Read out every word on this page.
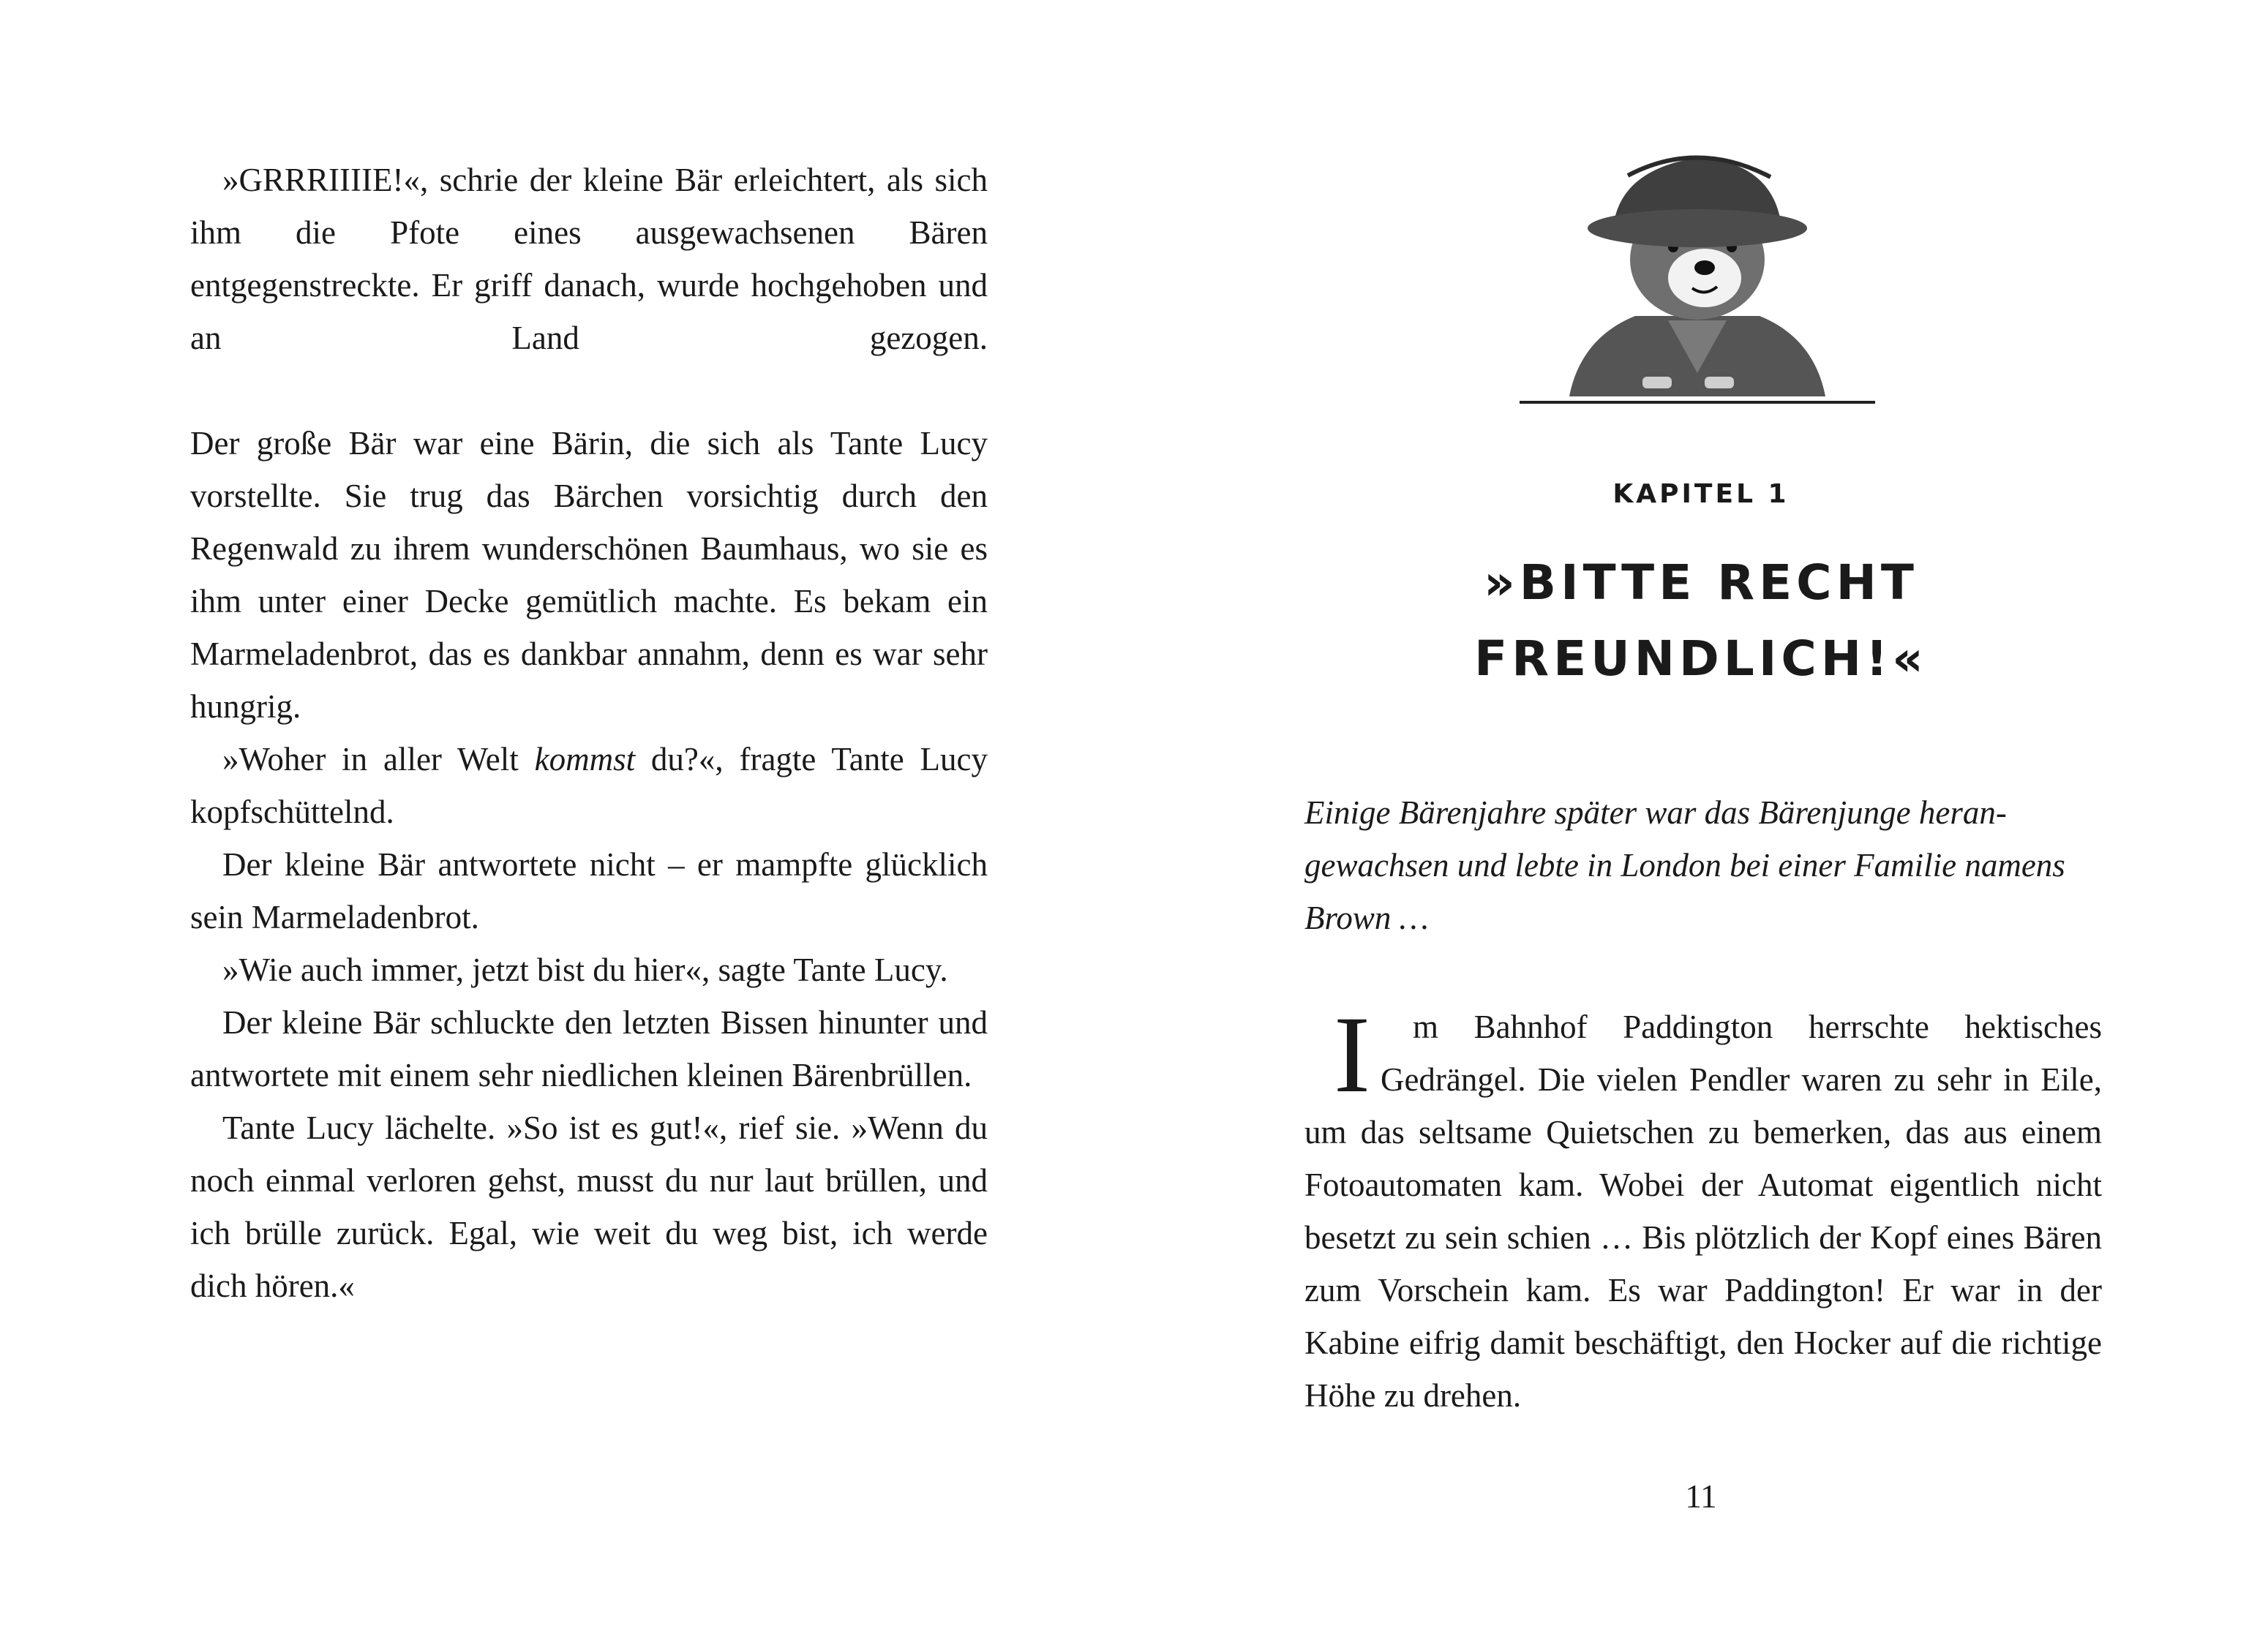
»GRRRIIIIE!«, schrie der kleine Bär erleichtert, als sich ihm die Pfote eines ausgewachsenen Bären entgegenstreckte. Er griff danach, wurde hochgehoben und an Land gezogen.

Der große Bär war eine Bärin, die sich als Tante Lucy vorstellte. Sie trug das Bärchen vorsichtig durch den Regenwald zu ihrem wunderschönen Baumhaus, wo sie es ihm unter einer Decke gemütlich machte. Es bekam ein Marmeladenbrot, das es dankbar annahm, denn es war sehr hungrig.

»Woher in aller Welt kommst du?«, fragte Tante Lucy kopfschüttelnd.

Der kleine Bär antwortete nicht – er mampfte glücklich sein Marmeladenbrot.

»Wie auch immer, jetzt bist du hier«, sagte Tante Lucy.

Der kleine Bär schluckte den letzten Bissen hinunter und antwortete mit einem sehr niedlichen kleinen Bärenbrüllen.

Tante Lucy lächelte. »So ist es gut!«, rief sie. »Wenn du noch einmal verloren gehst, musst du nur laut brüllen, und ich brülle zurück. Egal, wie weit du weg bist, ich werde dich hören.«

KAPITEL 1
»BITTE RECHT
FREUNDLICH!«
Einige Bärenjahre später war das Bärenjunge heran-
gewachsen und lebte in London bei einer Familie namens
Brown …

I m Bahnhof Paddington herrschte hektisches Gedrängel. Die vielen Pendler waren zu sehr in Eile, um das seltsame Quietschen zu bemerken, das aus einem Fotoautomaten kam. Wobei der Automat eigentlich nicht besetzt zu sein schien … Bis plötzlich der Kopf eines Bären zum Vorschein kam. Es war Paddington! Er war in der Kabine eifrig damit beschäftigt, den Hocker auf die richtige Höhe zu drehen.

11
